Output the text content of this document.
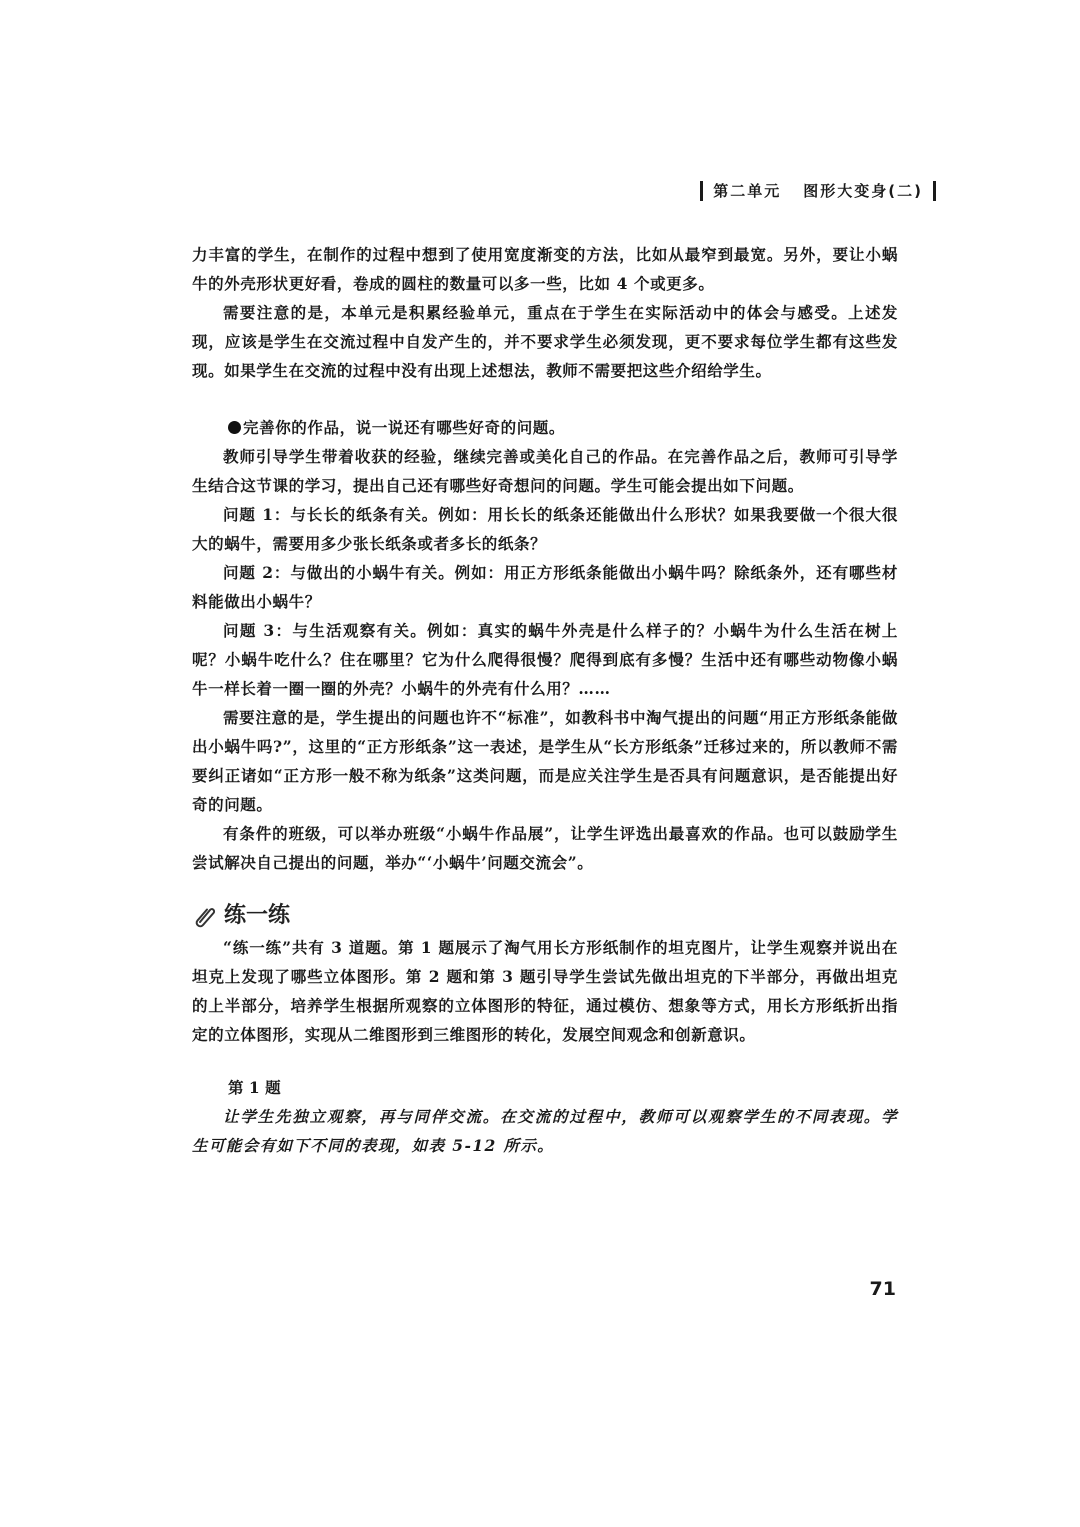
第二单元 图形大变身(二)

力丰富的学生，在制作的过程中想到了使用宽度渐变的方法，比如从最窄到最宽。另外，要让小蜗牛的外壳形状更好看，卷成的圆柱的数量可以多一些，比如 4 个或更多。

需要注意的是，本单元是积累经验单元，重点在于学生在实际活动中的体会与感受。上述发现，应该是学生在交流过程中自发产生的，并不要求学生必须发现，更不要求每位学生都有这些发现。如果学生在交流的过程中没有出现上述想法，教师不需要把这些介绍给学生。

完善你的作品，说一说还有哪些好奇的问题。

教师引导学生带着收获的经验，继续完善或美化自己的作品。在完善作品之后，教师可引导学生结合这节课的学习，提出自己还有哪些好奇想问的问题。学生可能会提出如下问题。

问题 1：与长长的纸条有关。例如：用长长的纸条还能做出什么形状？如果我要做一个很大很大的蜗牛，需要用多少张长纸条或者多长的纸条？

问题 2：与做出的小蜗牛有关。例如：用正方形纸条能做出小蜗牛吗？除纸条外，还有哪些材料能做出小蜗牛？

问题 3：与生活观察有关。例如：真实的蜗牛外壳是什么样子的？小蜗牛为什么生活在树上呢？小蜗牛吃什么？住在哪里？它为什么爬得很慢？爬得到底有多慢？生活中还有哪些动物像小蜗牛一样长着一圈一圈的外壳？小蜗牛的外壳有什么用？……

需要注意的是，学生提出的问题也许不“标准”，如教科书中淘气提出的问题“用正方形纸条能做出小蜗牛吗?”，这里的“正方形纸条”这一表述，是学生从“长方形纸条”迁移过来的，所以教师不需要纠正诸如“正方形一般不称为纸条”这类问题，而是应关注学生是否具有问题意识，是否能提出好奇的问题。

有条件的班级，可以举办班级“小蜗牛作品展”，让学生评选出最喜欢的作品。也可以鼓励学生尝试解决自己提出的问题，举办“‘小蜗牛’问题交流会”。

练一练

“练一练”共有 3 道题。第 1 题展示了淘气用长方形纸制作的坦克图片，让学生观察并说出在坦克上发现了哪些立体图形。第 2 题和第 3 题引导学生尝试先做出坦克的下半部分，再做出坦克的上半部分，培养学生根据所观察的立体图形的特征，通过模仿、想象等方式，用长方形纸折出指定的立体图形，实现从二维图形到三维图形的转化，发展空间观念和创新意识。

第 1 题

让学生先独立观察，再与同伴交流。在交流的过程中，教师可以观察学生的不同表现。学生可能会有如下不同的表现，如表 5-12 所示。

71
